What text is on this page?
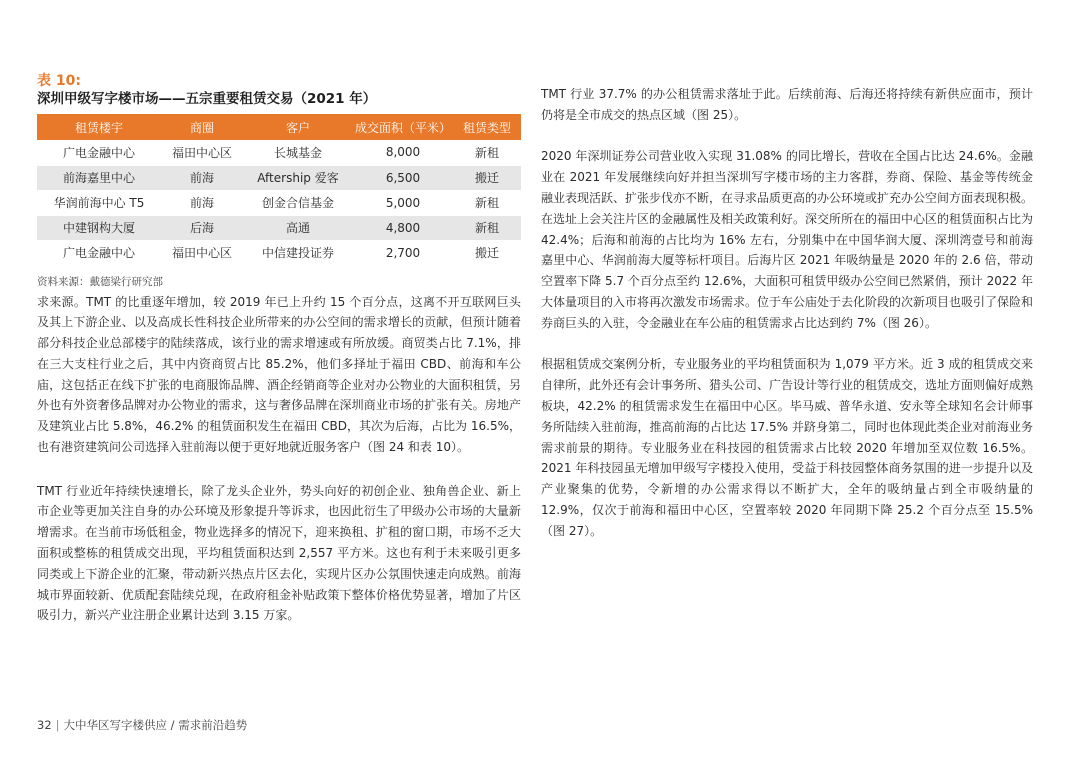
表 10:
深圳甲级写字楼市场——五宗重要租赁交易（2021 年）
租赁楼宇	商圈	客户	成交面积（平米）	租赁类型
广电金融中心	福田中心区	长城基金	8,000	新租
前海嘉里中心	前海	Aftership 爱客	6,500	搬迁
华润前海中心 T5	前海	创金合信基金	5,000	新租
中建钢构大厦	后海	高通	4,800	新租
广电金融中心	福田中心区	中信建投证券	2,700	搬迁
资料来源：戴德梁行研究部

求来源。TMT 的比重逐年增加，较 2019 年已上升约 15 个百分点，这离不开互联网巨头及其上下游企业、以及高成长性科技企业所带来的办公空间的需求增长的贡献，但预计随着部分科技企业总部楼宇的陆续落成，该行业的需求增速或有所放缓。商贸类占比 7.1%，排在三大支柱行业之后，其中内资商贸占比 85.2%，他们多择址于福田 CBD、前海和车公庙，这包括正在线下扩张的电商服饰品牌、酒企经销商等企业对办公物业的大面积租赁，另外也有外资奢侈品牌对办公物业的需求，这与奢侈品牌在深圳商业市场的扩张有关。房地产及建筑业占比 5.8%，46.2% 的租赁面积发生在福田 CBD，其次为后海，占比为 16.5%，也有港资建筑问公司选择入驻前海以便于更好地就近服务客户（图 24 和表 10）。

TMT 行业近年持续快速增长，除了龙头企业外，势头向好的初创企业、独角兽企业、新上市企业等更加关注自身的办公环境及形象提升等诉求，也因此衍生了甲级办公市场的大量新增需求。在当前市场低租金，物业选择多的情况下，迎来换租、扩租的窗口期，市场不乏大面积或整栋的租赁成交出现，平均租赁面积达到 2,557 平方米。这也有利于未来吸引更多同类或上下游企业的汇聚，带动新兴热点片区去化，实现片区办公氛围快速走向成熟。前海城市界面较新、优质配套陆续兑现，在政府租金补贴政策下整体价格优势显著，增加了片区吸引力，新兴产业注册企业累计达到 3.15 万家。

TMT 行业 37.7% 的办公租赁需求落址于此。后续前海、后海还将持续有新供应面市，预计仍将是全市成交的热点区域（图 25）。

2020 年深圳证券公司营业收入实现 31.08% 的同比增长，营收在全国占比达 24.6%。金融业在 2021 年发展继续向好并担当深圳写字楼市场的主力客群，券商、保险、基金等传统金融业表现活跃、扩张步伐亦不断，在寻求品质更高的办公环境或扩充办公空间方面表现积极。在选址上会关注片区的金融属性及相关政策利好。深交所所在的福田中心区的租赁面积占比为 42.4%；后海和前海的占比均为 16% 左右，分别集中在中国华润大厦、深圳湾壹号和前海嘉里中心、华润前海大厦等标杆项目。后海片区 2021 年吸纳量是 2020 年的 2.6 倍，带动空置率下降 5.7 个百分点至约 12.6%，大面积可租赁甲级办公空间已然紧俏，预计 2022 年大体量项目的入市将再次激发市场需求。位于车公庙处于去化阶段的次新项目也吸引了保险和券商巨头的入驻，令金融业在车公庙的租赁需求占比达到约 7%（图 26）。

根据租赁成交案例分析，专业服务业的平均租赁面积为 1,079 平方米。近 3 成的租赁成交来自律所，此外还有会计事务所、猎头公司、广告设计等行业的租赁成交，选址方面则偏好成熟板块，42.2% 的租赁需求发生在福田中心区。毕马威、普华永道、安永等全球知名会计师事务所陆续入驻前海，推高前海的占比达 17.5% 并跻身第二，同时也体现此类企业对前海业务需求前景的期待。专业服务业在科技园的租赁需求占比较 2020 年增加至双位数 16.5%。2021 年科技园虽无增加甲级写字楼投入使用，受益于科技园整体商务氛围的进一步提升以及产业聚集的优势，令新增的办公需求得以不断扩大，全年的吸纳量占到全市吸纳量的 12.9%，仅次于前海和福田中心区，空置率较 2020 年同期下降 25.2 个百分点至 15.5%（图 27）。

32 | 大中华区写字楼供应 / 需求前沿趋势
